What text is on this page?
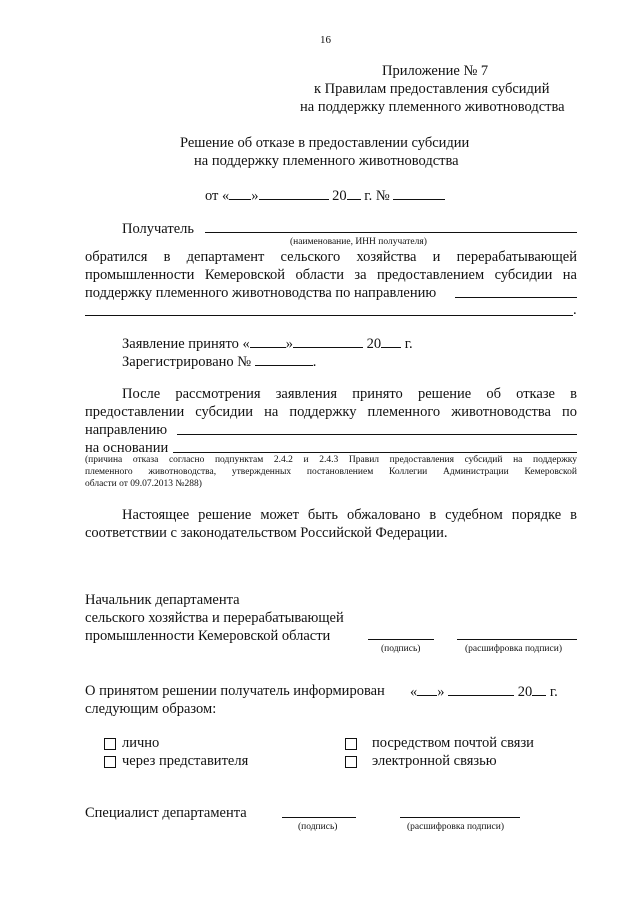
16
Приложение № 7
к Правилам предоставления субсидий
на поддержку племенного животноводства
Решение об отказе в предоставлении субсидии
на поддержку племенного животноводства
от « »	20 г. №
Получатель
(наименование, ИНН получателя)
обратился в департамент сельского хозяйства и перерабатывающей
промышленности Кемеровской области за предоставлением субсидии на
поддержку племенного животноводства по направлению
.
Заявление принято « »	20 г.
Зарегистрировано №	.
После рассмотрения заявления принято решение об отказе в
предоставлении субсидии на поддержку племенного животноводства по
направлению
на основании
(причина отказа согласно подпунктам 2.4.2 и 2.4.3 Правил предоставления субсидий на поддержку
племенного животноводства, утвержденных постановлением Коллегии Администрации Кемеровской
области от 09.07.2013 №288)
Настоящее решение может быть обжаловано в судебном порядке в
соответствии с законодательством Российской Федерации.
Начальник департамента
сельского хозяйства и перерабатывающей
промышленности Кемеровской области
(подпись)	(расшифровка подписи)
О принятом решении получатель информирован « »	20 г.
следующим образом:
лично	посредством почтой связи
через представителя	электронной связью
Специалист департамента
(подпись)	(расшифровка подписи)
